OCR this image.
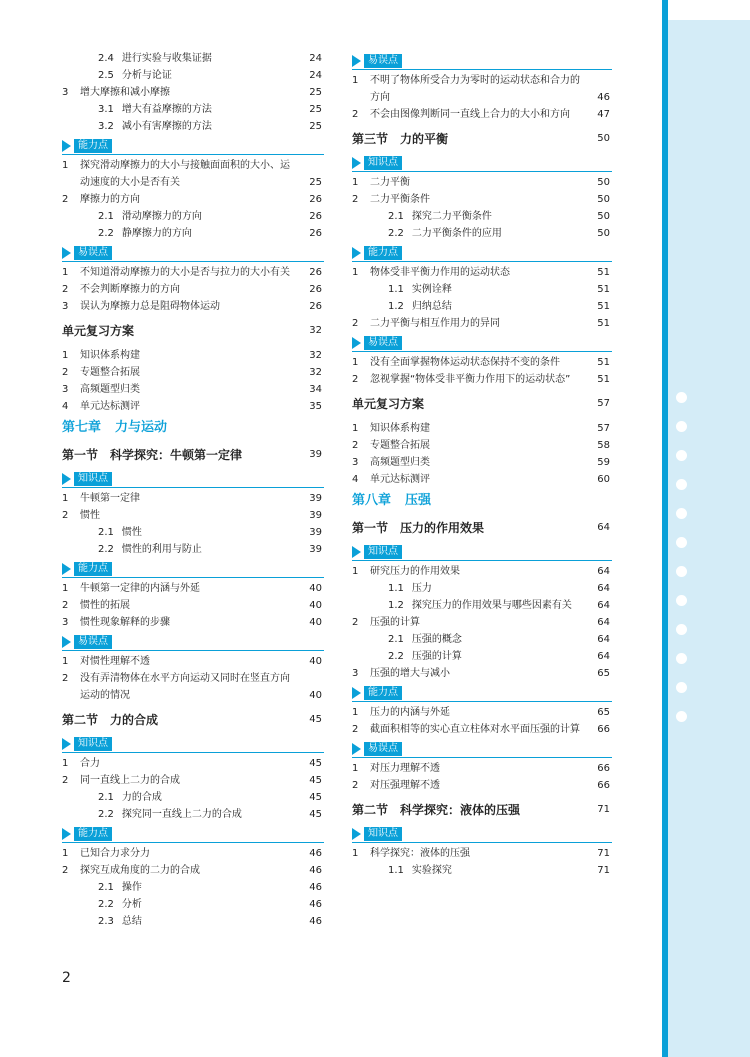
2.4 进行实验与收集证据	24
2.5 分析与论证	24
3 增大摩擦和减小摩擦	25
3.1 增大有益摩擦的方法	25
3.2 减小有害摩擦的方法	25
能力点
1 探究滑动摩擦力的大小与接触面面积的大小、运动速度的大小是否有关	25
2 摩擦力的方向	26
2.1 滑动摩擦力的方向	26
2.2 静摩擦力的方向	26
易误点
1 不知道滑动摩擦力的大小是否与拉力的大小有关 26
2 不会判断摩擦力的方向	26
3 误认为摩擦力总是阻碍物体运动	26
单元复习方案	32
1 知识体系构建	32
2 专题整合拓展	32
3 高频题型归类	34
4 单元达标测评	35
第七章 力与运动
第一节　科学探究：牛顿第一定律	39
知识点
1 牛顿第一定律	39
2 惯性	39
2.1 惯性	39
2.2 惯性的利用与防止	39
能力点
1 牛顿第一定律的内涵与外延	40
2 惯性的拓展	40
3 惯性现象解释的步骤	40
易误点
1 对惯性理解不透	40
2 没有弄清物体在水平方向运动又同时在竖直方向运动的情况	40
第二节　力的合成	45
知识点
1 合力	45
2 同一直线上二力的合成	45
2.1 力的合成	45
2.2 探究同一直线上二力的合成	45
能力点
1 已知合力求分力	46
2 探究互成角度的二力的合成	46
2.1 操作	46
2.2 分析	46
2.3 总结	46
易误点
1 不明了物体所受合力为零时的运动状态和合力的方向	46
2 不会由图像判断同一直线上合力的大小和方向	47
第三节　力的平衡	50
知识点
1 二力平衡	50
2 二力平衡条件	50
2.1 探究二力平衡条件	50
2.2 二力平衡条件的应用	50
能力点
1 物体受非平衡力作用的运动状态	51
1.1 实例诠释	51
1.2 归纳总结	51
2 二力平衡与相互作用力的异同	51
易误点
1 没有全面掌握物体运动状态保持不变的条件	51
2 忽视掌握“物体受非平衡力作用下的运动状态”	51
单元复习方案	57
1 知识体系构建	57
2 专题整合拓展	58
3 高频题型归类	59
4 单元达标测评	60
第八章 压强
第一节　压力的作用效果	64
知识点
1 研究压力的作用效果	64
1.1 压力	64
1.2 探究压力的作用效果与哪些因素有关	64
2 压强的计算	64
2.1 压强的概念	64
2.2 压强的计算	64
3 压强的增大与减小	65
能力点
1 压力的内涵与外延	65
2 截面积相等的实心直立柱体对水平面压强的计算 66
易误点
1 对压力理解不透	66
2 对压强理解不透	66
第二节　科学探究：液体的压强	71
知识点
1 科学探究：液体的压强	71
1.1 实验探究	71
2
